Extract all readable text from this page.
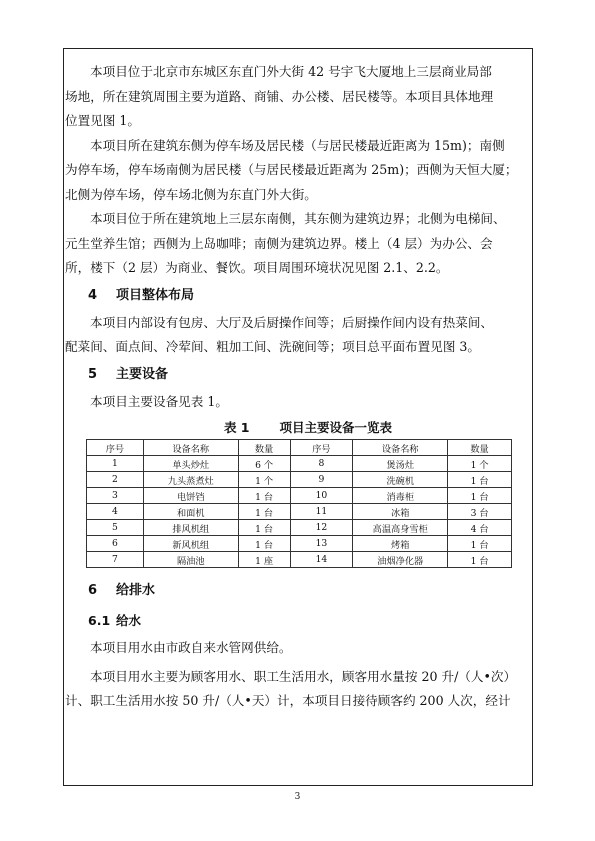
本项目位于北京市东城区东直门外大街 42 号宇飞大厦地上三层商业局部
场地，所在建筑周围主要为道路、商铺、办公楼、居民楼等。本项目具体地理
位置见图 1。

本项目所在建筑东侧为停车场及居民楼（与居民楼最近距离为 15m)；南侧
为停车场，停车场南侧为居民楼（与居民楼最近距离为 25m)；西侧为天恒大厦；
北侧为停车场，停车场北侧为东直门外大街。

本项目位于所在建筑地上三层东南侧，其东侧为建筑边界；北侧为电梯间、
元生堂养生馆；西侧为上岛咖啡；南侧为建筑边界。楼上（4 层）为办公、会
所，楼下（2 层）为商业、餐饮。项目周围环境状况见图 2.1、2.2。

4 项目整体布局

本项目内部设有包房、大厅及后厨操作间等；后厨操作间内设有热菜间、
配菜间、面点间、冷荤间、粗加工间、洗碗间等；项目总平面布置见图 3。

5 主要设备

本项目主要设备见表 1。

表 1 项目主要设备一览表
序号	设备名称	数量	序号	设备名称	数量
1	单头炒灶	6 个	8	煲汤灶	1 个
2	九头蒸煮灶	1 个	9	洗碗机	1 台
3	电饼铛	1 台	10	消毒柜	1 台
4	和面机	1 台	11	冰箱	3 台
5	排风机组	1 台	12	高温高身雪柜	4 台
6	新风机组	1 台	13	烤箱	1 台
7	隔油池	1 座	14	油烟净化器	1 台

6 给排水

6.1 给水

本项目用水由市政自来水管网供给。

本项目用水主要为顾客用水、职工生活用水，顾客用水量按 20 升/（人•次）
计、职工生活用水按 50 升/（人•天）计，本项目日接待顾客约 200 人次，经计

3
